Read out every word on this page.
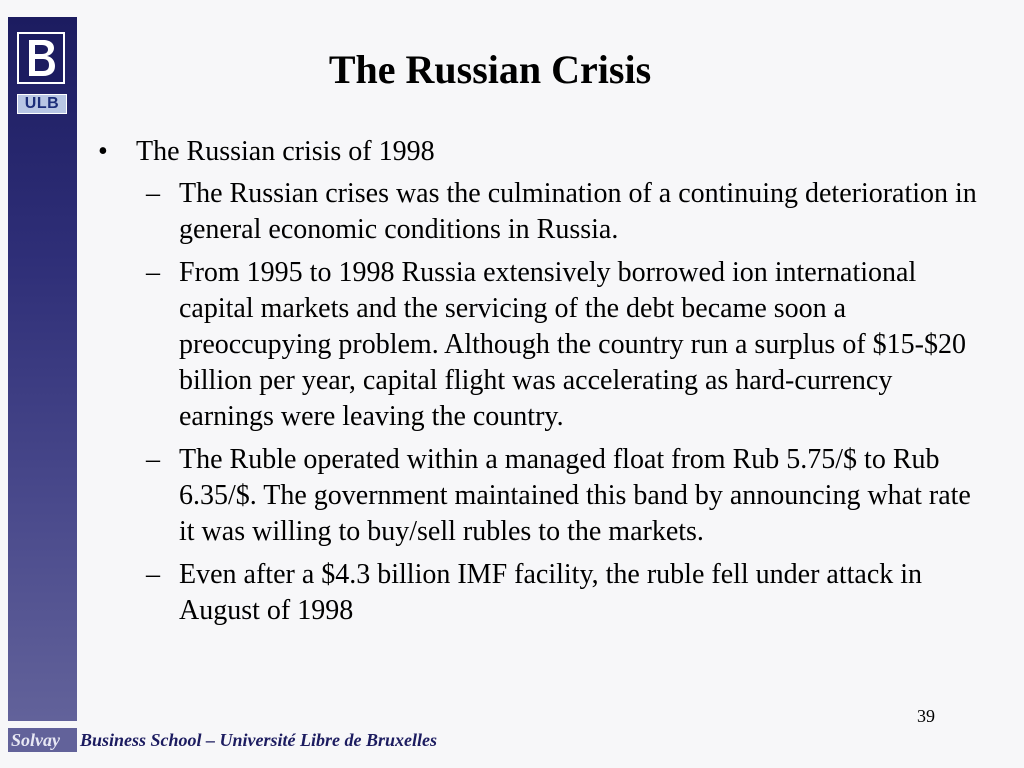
ULB
The Russian Crisis
•	The Russian crisis of 1998
– The Russian crises was the culmination of a continuing deterioration in general economic conditions in Russia.
– From 1995 to 1998 Russia extensively borrowed ion international capital markets and the servicing of the debt became soon a preoccupying problem. Although the country run a surplus of $15-$20 billion per year, capital flight was accelerating as hard-currency earnings were leaving the country.
– The Ruble operated within a managed float from Rub 5.75/$ to Rub 6.35/$. The government maintained this band by announcing what rate it was willing to buy/sell rubles to the markets.
– Even after a $4.3 billion IMF facility, the ruble fell under attack in August of 1998
39
Solvay	Business School – Université Libre de Bruxelles
